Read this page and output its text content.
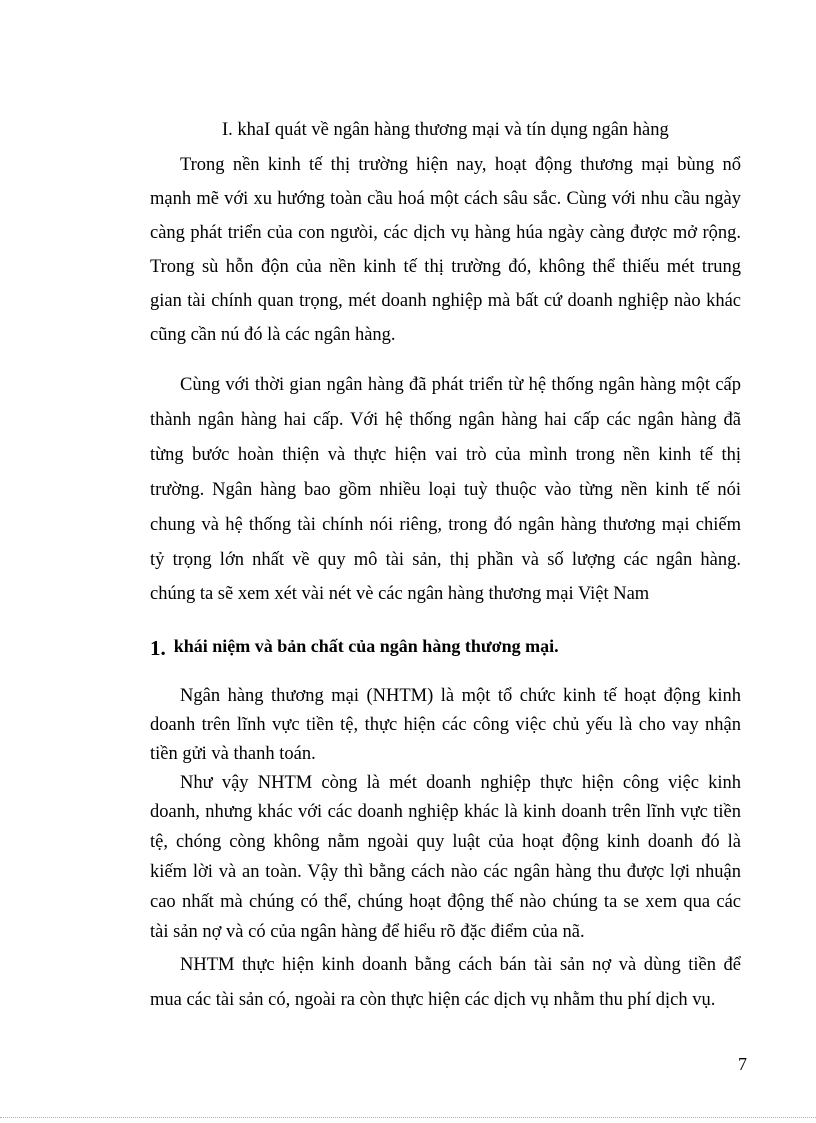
I. khaI quát về ngân hàng thương mại và tín dụng ngân hàng
Trong nền kinh tế thị trường hiện nay, hoạt động thương mại bùng nổ
mạnh mẽ với xu hướng toàn cầu hoá một cách sâu sắc. Cùng với nhu cầu ngày
càng phát triển của con ngưòi, các dịch vụ hàng húa ngày càng được mở rộng.
Trong sù hỗn độn của nền kinh tế thị trường đó, không thể thiếu mét trung
gian tài chính quan trọng, mét doanh nghiệp mà bất cứ doanh nghiệp nào khác
cũng cần nú đó là các ngân hàng.
Cùng với thời gian ngân hàng đã phát triển từ hệ thống ngân hàng một cấp
thành ngân hàng hai cấp. Với hệ thống ngân hàng hai cấp các ngân hàng đã
từng bước hoàn thiện và thực hiện vai trò của mình trong nền kinh tế thị
trường. Ngân hàng bao gồm nhiều loại tuỳ thuộc vào từng nền kinh tế nói
chung và hệ thống tài chính nói riêng, trong đó ngân hàng thương mại chiếm
tỷ trọng lớn nhất về quy mô tài sản, thị phần và số lượng các ngân hàng.
chúng ta sẽ xem xét vài nét vè các ngân hàng thương mại Việt Nam
1. khái niệm và bản chất của ngân hàng thương mại.
Ngân hàng thương mại (NHTM) là một tổ chức kinh tế hoạt động kinh
doanh trên lĩnh vực tiền tệ, thực hiện các công việc chủ yếu là cho vay nhận
tiền gửi và thanh toán.
Như vậy NHTM còng là mét doanh nghiệp thực hiện công việc kinh
doanh, nhưng khác với các doanh nghiệp khác là kinh doanh trên lĩnh vực tiền
tệ, chóng còng không nằm ngoài quy luật của hoạt động kinh doanh đó là
kiếm lời và an toàn. Vậy thì bằng cách nào các ngân hàng thu được lợi nhuận
cao nhất mà chúng có thể, chúng hoạt động thế nào chúng ta se xem qua các
tài sản nợ và có của ngân hàng để hiểu rõ đặc điểm của nã.
NHTM thực hiện kinh doanh bằng cách bán tài sản nợ và dùng tiền để
mua các tài sản có, ngoài ra còn thực hiện các dịch vụ nhằm thu phí dịch vụ.
7
